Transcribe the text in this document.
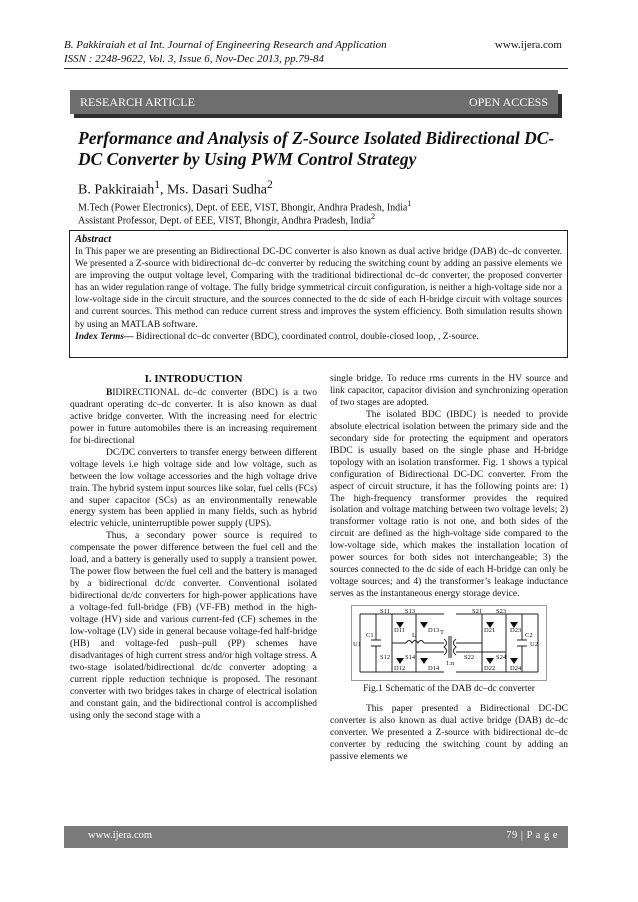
B. Pakkiraiah et al Int. Journal of Engineering Research and Application
ISSN : 2248-9622, Vol. 3, Issue 6, Nov-Dec 2013, pp.79-84
www.ijera.com
RESEARCH ARTICLE	OPEN ACCESS
Performance and Analysis of Z-Source Isolated Bidirectional DC-DC Converter by Using PWM Control Strategy
B. Pakkiraiah$^1$, Ms. Dasari Sudha$^2$
M.Tech (Power Electronics), Dept. of EEE, VIST, Bhongir, Andhra Pradesh, India$^1$
Assistant Professor, Dept. of EEE, VIST, Bhongir, Andhra Pradesh, India$^2$
Abstract
In This paper we are presenting an Bidirectional DC-DC converter is also known as dual active bridge (DAB) dc–dc converter. We presented a Z-source with bidirectional dc–dc converter by reducing the switching count by adding an passive elements we are improving the output voltage level, Comparing with the traditional bidirectional dc–dc converter, the proposed converter has an wider regulation range of voltage. The fully bridge symmetrical circuit configuration, is neither a high-voltage side nor a low-voltage side in the circuit structure, and the sources connected to the dc side of each H-bridge circuit with voltage sources and current sources. This method can reduce current stress and improves the system efficiency. Both simulation results shown by using an MATLAB software.
Index Terms— Bidirectional dc–dc converter (BDC), coordinated control, double-closed loop, , Z-source.
I. INTRODUCTION

BIDIRECTIONAL dc–dc converter (BDC) is a two quadrant operating dc–dc converter. It is also known as dual active bridge converter. With the increasing need for electric power in future automobiles there is an increasing requirement for bi-directional

DC/DC converters to transfer energy between different voltage levels i.e high voltage side and low voltage, such as between the low voltage accessories and the high voltage drive train. The hybrid system input sources like solar, fuel cells (FCs) and super capacitor (SCs) as an environmentally renewable energy system has been applied in many fields, such as hybrid electric vehicle, uninterruptible power supply (UPS).

Thus, a secondary power source is required to compensate the power difference between the fuel cell and the load, and a battery is generally used to supply a transient power. The power flow between the fuel cell and the battery is managed by a bidirectional dc/dc converter. Conventional isolated bidirectional dc/dc converters for high-power applications have a voltage-fed full-bridge (FB) (VF-FB) method in the high-voltage (HV) side and various current-fed (CF) schemes in the low-voltage (LV) side in general because voltage-fed half-bridge (HB) and voltage-fed push–pull (PP) schemes have disadvantages of high current stress and/or high voltage stress. A two-stage isolated/bidirectional dc/dc converter adopting a current ripple reduction technique is proposed. The resonant converter with two bridges takes in charge of electrical isolation and constant gain, and the bidirectional control is accomplished using only the second stage with a

single bridge. To reduce rms currents in the HV source and link capacitor, capacitor division and synchronizing operation of two stages are adopted.

The isolated BDC (IBDC) is needed to provide absolute electrical isolation between the primary side and the secondary side for protecting the equipment and operators IBDC is usually based on the single phase and H-bridge topology with an isolation transformer. Fig. 1 shows a typical configuration of Bidirectional DC-DC converter. From the aspect of circuit structure, it has the following points are: 1) The high-frequency transformer provides the required isolation and voltage matching between two voltage levels; 2) transformer voltage ratio is not one, and both sides of the circuit are defined as the high-voltage side compared to the low-voltage side, which makes the installation location of power sources for both sides not interchangeable; 3) the sources connected to the dc side of each H-bridge can only be voltage sources; and 4) the transformer’s leakage inductance serves as the instantaneous energy storage device.

S11 S13
D11	D13 T
S21 S23
D21 D23
U1
C1	L	C2
U2
S12 S14
D12	D14
1:n
S22	S24
D22 D24
Fig.1 Schematic of the DAB dc–dc converter

This paper presented a Bidirectional DC-DC converter is also known as dual active bridge (DAB) dc–dc converter. We presented a Z-source with bidirectional dc–dc converter by reducing the switching count by adding an passive elements we

www.ijera.com	79 | P a g e
